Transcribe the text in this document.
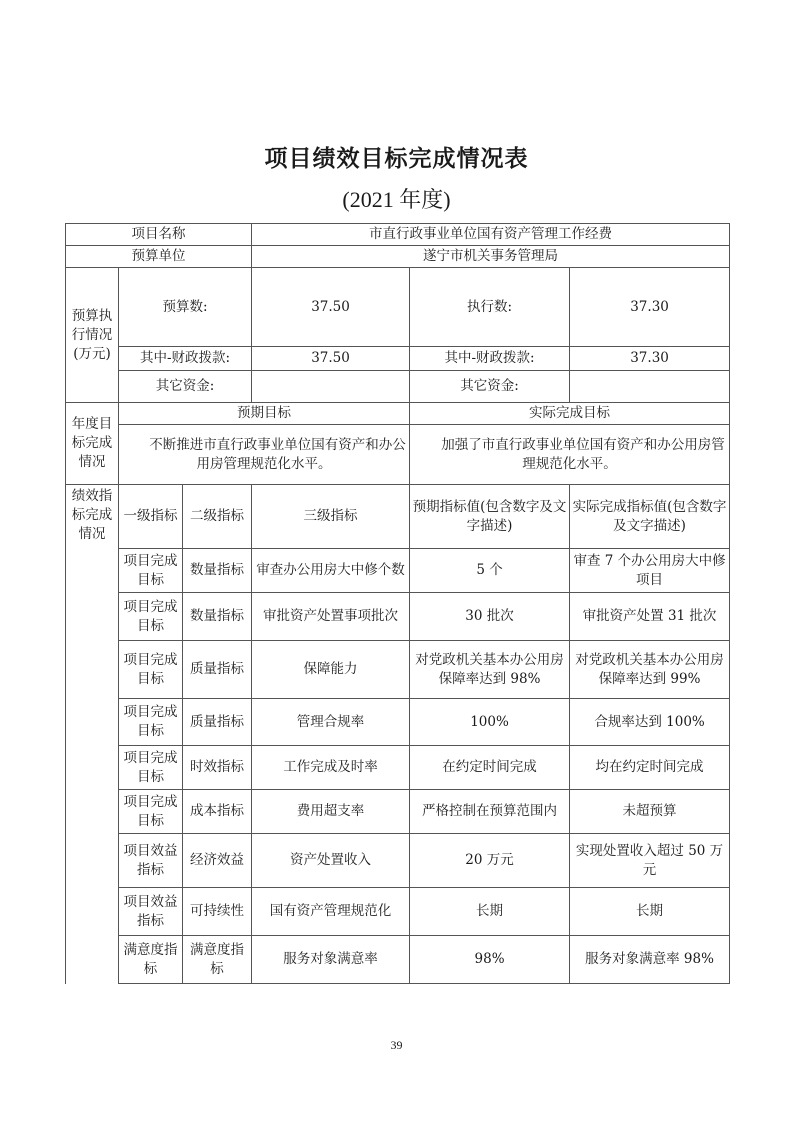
项目绩效目标完成情况表
(2021 年度)
项目名称			市直行政事业单位国有资产管理工作经费		
预算单位			遂宁市机关事务管理局		
预算执行情况(万元)	预算数:		37.50	执行数:	37.30
	其中-财政拨款:		37.50	其中-财政拨款:	37.30
	其它资金:			其它资金:	
年度目标完成情况	预期目标			实际完成目标	
	不断推进市直行政事业单位国有资产和办公用房管理规范化水平。			加强了市直行政事业单位国有资产和办公用房管理规范化水平。	
绩效指标完成情况	一级指标	二级指标	三级指标	预期指标值(包含数字及文字描述)	实际完成指标值(包含数字及文字描述)
	项目完成目标	数量指标	审查办公用房大中修个数	5 个	审查 7 个办公用房大中修项目
	项目完成目标	数量指标	审批资产处置事项批次	30 批次	审批资产处置 31 批次
	项目完成目标	质量指标	保障能力	对党政机关基本办公用房保障率达到 98%	对党政机关基本办公用房保障率达到 99%
	项目完成目标	质量指标	管理合规率	100%	合规率达到 100%
	项目完成目标	时效指标	工作完成及时率	在约定时间完成	均在约定时间完成
	项目完成目标	成本指标	费用超支率	严格控制在预算范围内	未超预算
	项目效益指标	经济效益	资产处置收入	20 万元	实现处置收入超过 50 万元
	项目效益指标	可持续性	国有资产管理规范化	长期	长期
	满意度指标	满意度指标	服务对象满意率	98%	服务对象满意率 98%
39
